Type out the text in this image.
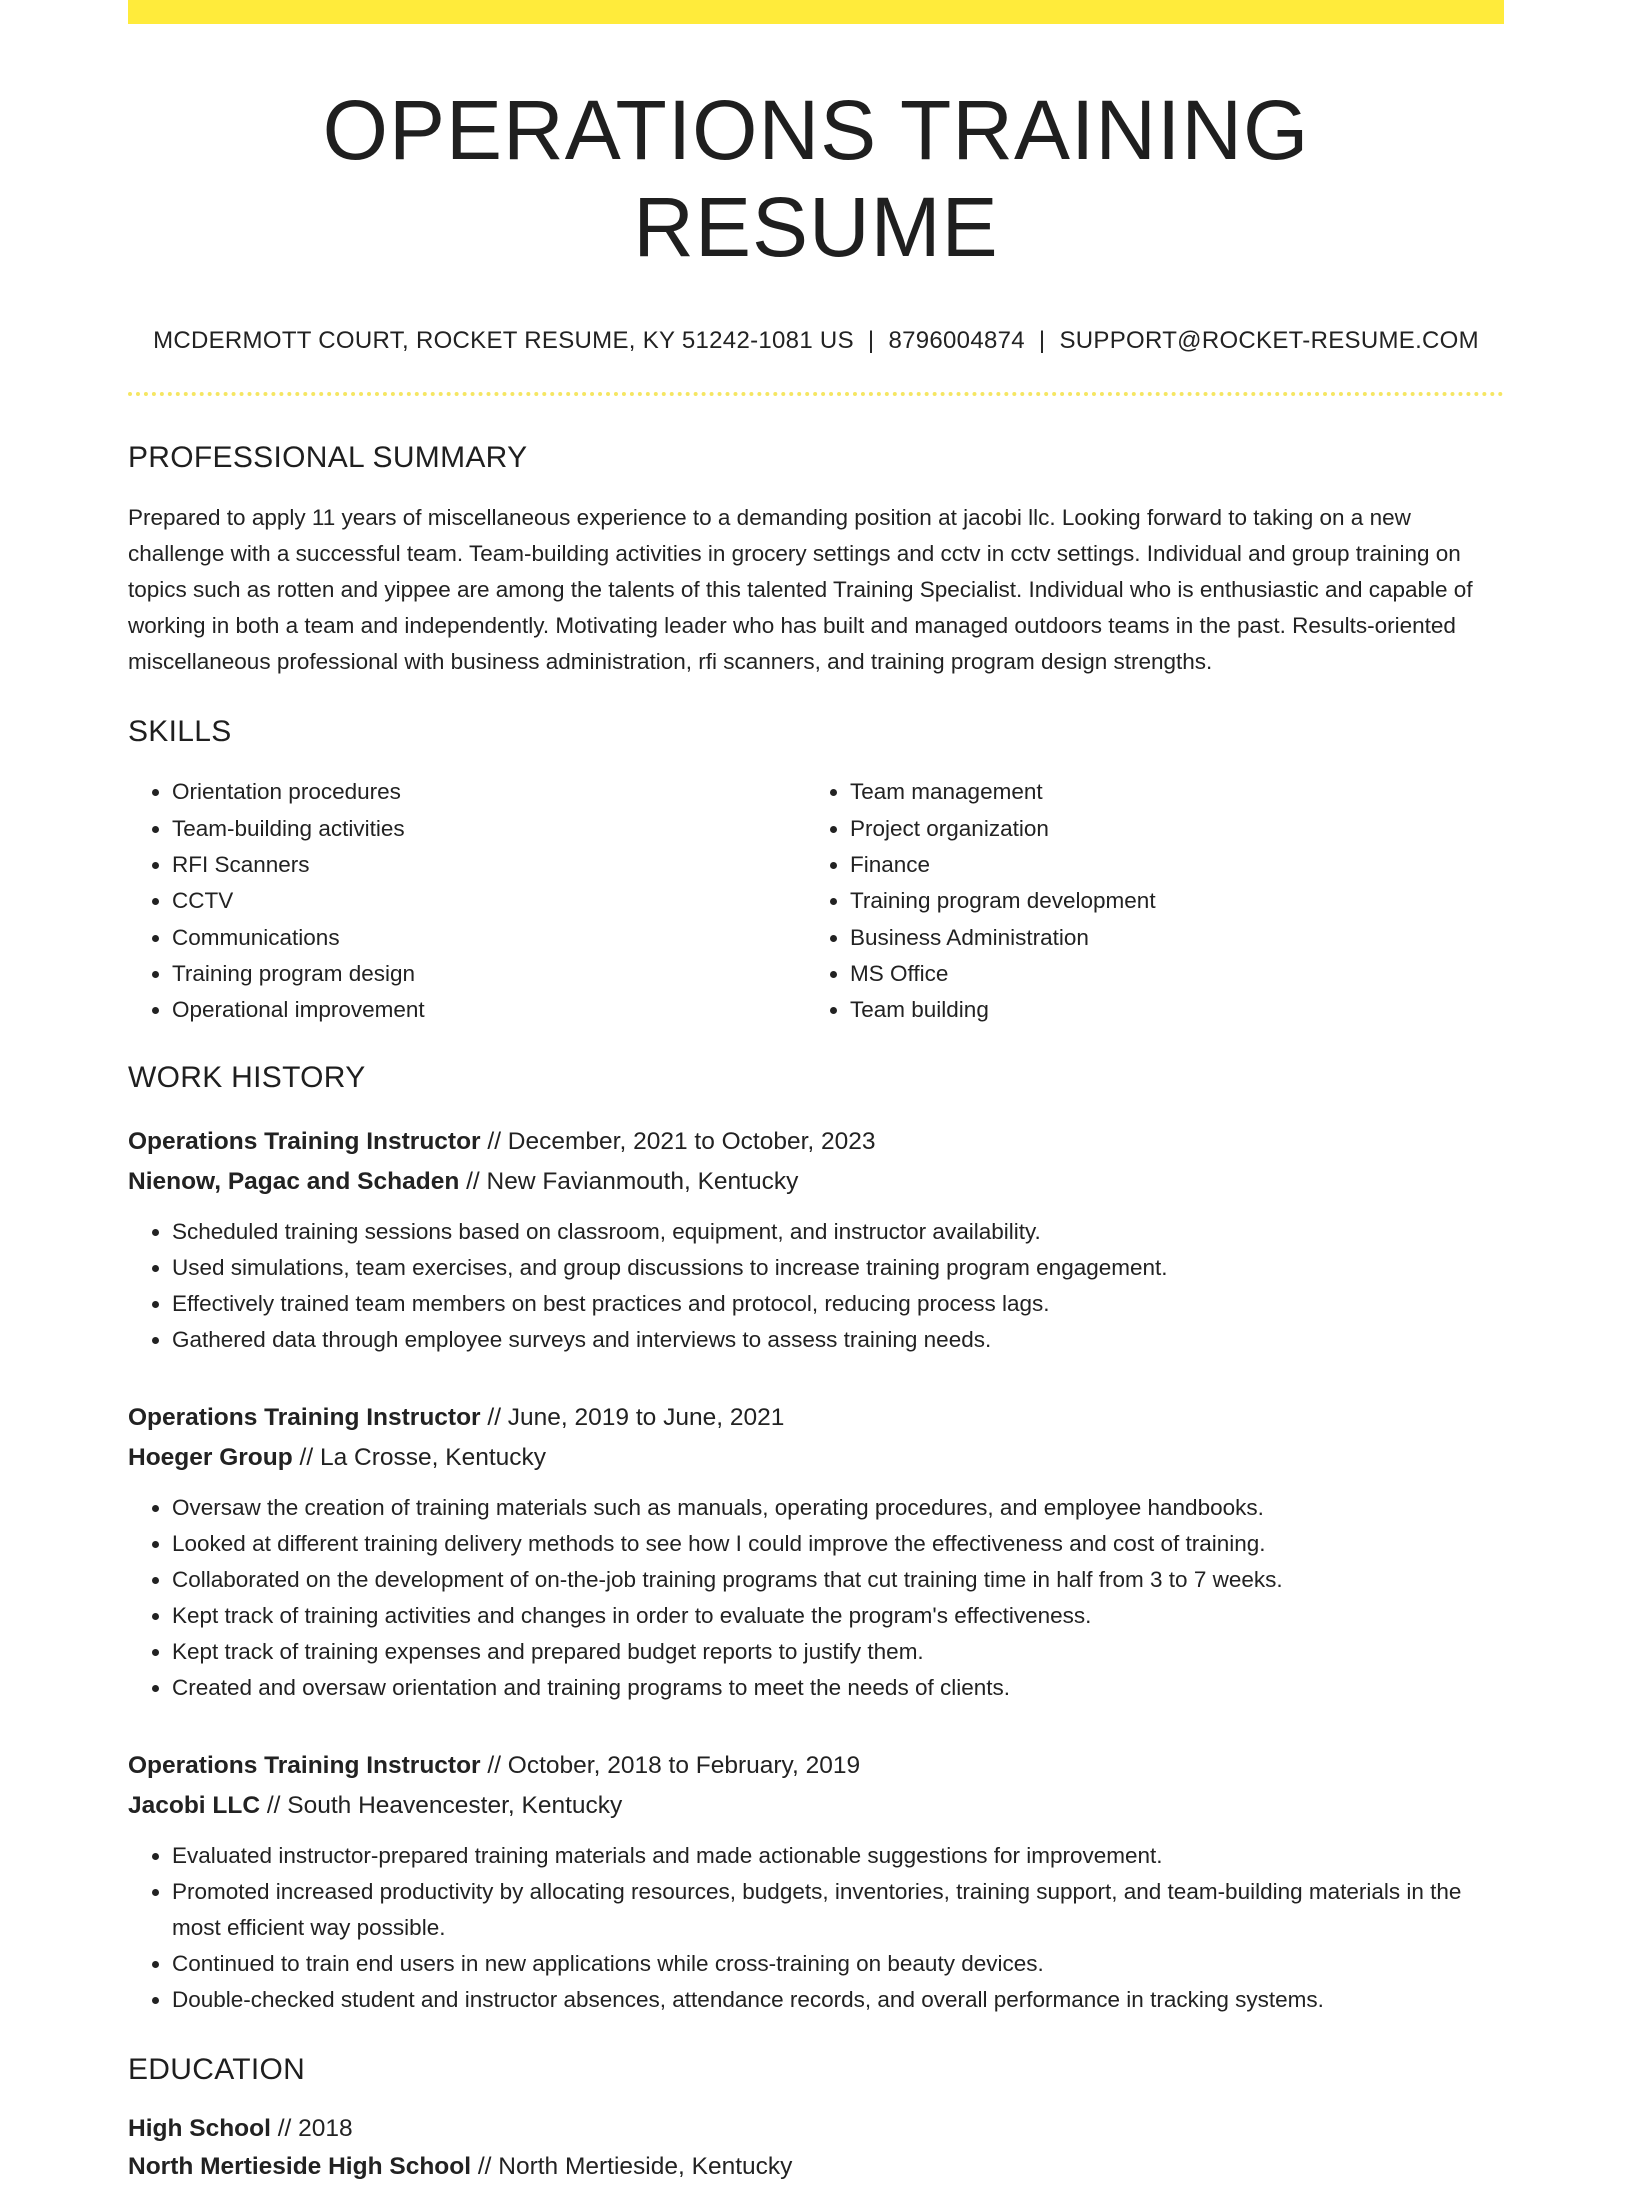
OPERATIONS TRAINING RESUME
MCDERMOTT COURT, ROCKET RESUME, KY 51242-1081 US | 8796004874 | SUPPORT@ROCKET-RESUME.COM
PROFESSIONAL SUMMARY

Prepared to apply 11 years of miscellaneous experience to a demanding position at jacobi llc. Looking forward to taking on a new challenge with a successful team. Team-building activities in grocery settings and cctv in cctv settings. Individual and group training on topics such as rotten and yippee are among the talents of this talented Training Specialist. Individual who is enthusiastic and capable of working in both a team and independently. Motivating leader who has built and managed outdoors teams in the past. Results-oriented miscellaneous professional with business administration, rfi scanners, and training program design strengths.

SKILLS
• Orientation procedures
• Team-building activities
• RFI Scanners
• CCTV
• Communications
• Training program design
• Operational improvement
• Team management
• Project organization
• Finance
• Training program development
• Business Administration
• MS Office
• Team building
WORK HISTORY
Operations Training Instructor // December, 2021 to October, 2023
Nienow, Pagac and Schaden // New Favianmouth, Kentucky
• Scheduled training sessions based on classroom, equipment, and instructor availability.
• Used simulations, team exercises, and group discussions to increase training program engagement.
• Effectively trained team members on best practices and protocol, reducing process lags.
• Gathered data through employee surveys and interviews to assess training needs.
Operations Training Instructor // June, 2019 to June, 2021
Hoeger Group // La Crosse, Kentucky
• Oversaw the creation of training materials such as manuals, operating procedures, and employee handbooks.
• Looked at different training delivery methods to see how I could improve the effectiveness and cost of training.
• Collaborated on the development of on-the-job training programs that cut training time in half from 3 to 7 weeks.
• Kept track of training activities and changes in order to evaluate the program's effectiveness.
• Kept track of training expenses and prepared budget reports to justify them.
• Created and oversaw orientation and training programs to meet the needs of clients.
Operations Training Instructor // October, 2018 to February, 2019
Jacobi LLC // South Heavencester, Kentucky
• Evaluated instructor-prepared training materials and made actionable suggestions for improvement.
• Promoted increased productivity by allocating resources, budgets, inventories, training support, and team-building materials in the most efficient way possible.
• Continued to train end users in new applications while cross-training on beauty devices.
• Double-checked student and instructor absences, attendance records, and overall performance in tracking systems.
EDUCATION
High School // 2018
North Mertieside High School // North Mertieside, Kentucky
